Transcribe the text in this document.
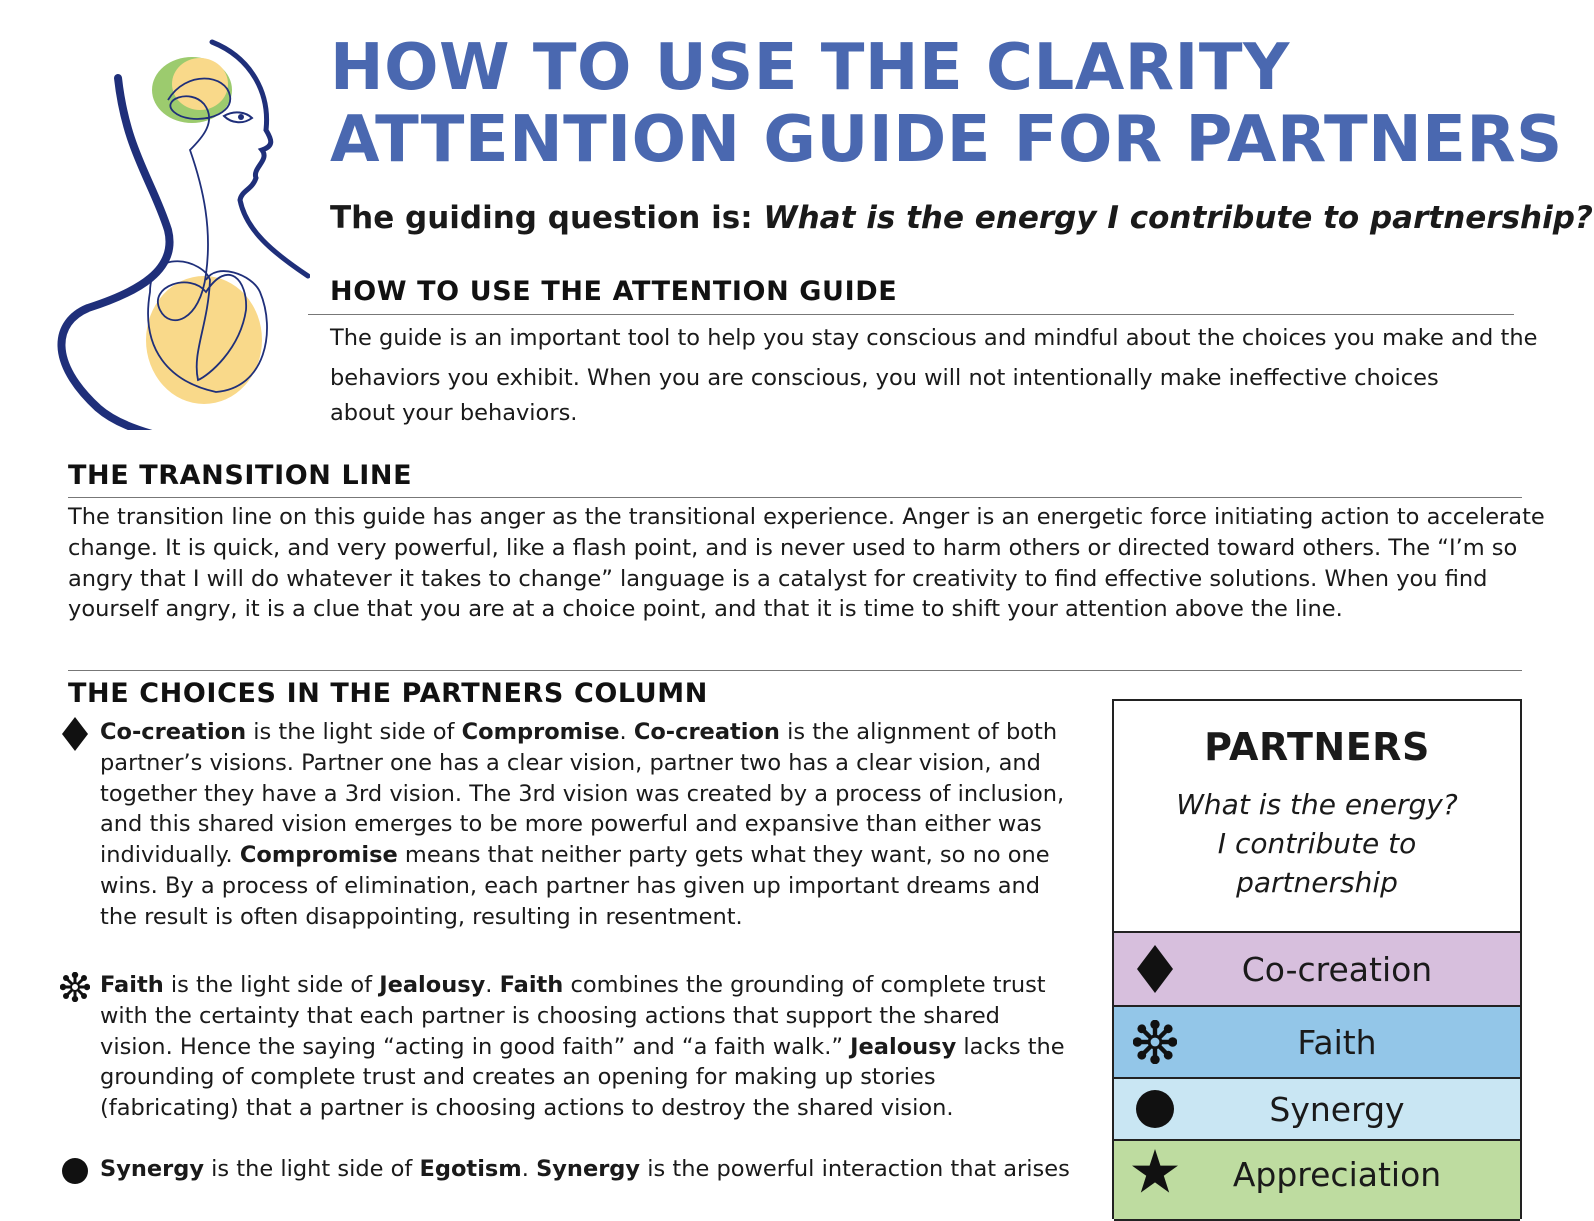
HOW TO USE THE CLARITY
ATTENTION GUIDE FOR PARTNERS
The guiding question is: What is the energy I contribute to partnership?
HOW TO USE THE ATTENTION GUIDE

The guide is an important tool to help you stay conscious and mindful about the choices you make and the behaviors you exhibit. When you are conscious, you will not intentionally make ineffective choices
about your behaviors.

THE TRANSITION LINE

The transition line on this guide has anger as the transitional experience. Anger is an energetic force initiating action to accelerate change. It is quick, and very powerful, like a flash point, and is never used to harm others or directed toward others. The “I’m so angry that I will do whatever it takes to change” language is a catalyst for creativity to find effective solutions. When you find yourself angry, it is a clue that you are at a choice point, and that it is time to shift your attention above the line.

THE CHOICES IN THE PARTNERS COLUMN
Co-creation is the light side of Compromise. Co-creation is the alignment of both partner’s visions. Partner one has a clear vision, partner two has a clear vision, and together they have a 3rd vision. The 3rd vision was created by a process of inclusion, and this shared vision emerges to be more powerful and expansive than either was individually. Compromise means that neither party gets what they want, so no one wins. By a process of elimination, each partner has given up important dreams and the result is often disappointing, resulting in resentment.
Faith is the light side of Jealousy. Faith combines the grounding of complete trust with the certainty that each partner is choosing actions that support the shared vision. Hence the saying “acting in good faith” and “a faith walk.” Jealousy lacks the grounding of complete trust and creates an opening for making up stories (fabricating) that a partner is choosing actions to destroy the shared vision.
Synergy is the light side of Egotism. Synergy is the powerful interaction that arises
PARTNERS
What is the energy?
I contribute to
partnership
Co-creation
Faith
Synergy
Appreciation
